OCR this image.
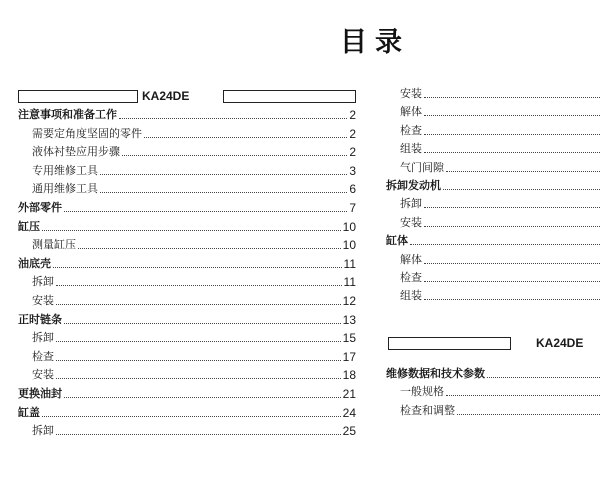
目录
KA24DE
注意事项和准备工作	2
需要定角度坚固的零件	2
液体衬垫应用步骤	2
专用维修工具	3
通用维修工具	6
外部零件	7
缸压	10
测量缸压	10
油底壳	11
拆卸	11
安装	12
正时链条	13
拆卸	15
检查	17
安装	18
更换油封	21
缸盖	24
拆卸	25
安装
解体
检查
组装
气门间隙
拆卸发动机
拆卸
安装
缸体
解体
检查
组装
KA24DE
维修数据和技术参数
一般规格
检查和调整
